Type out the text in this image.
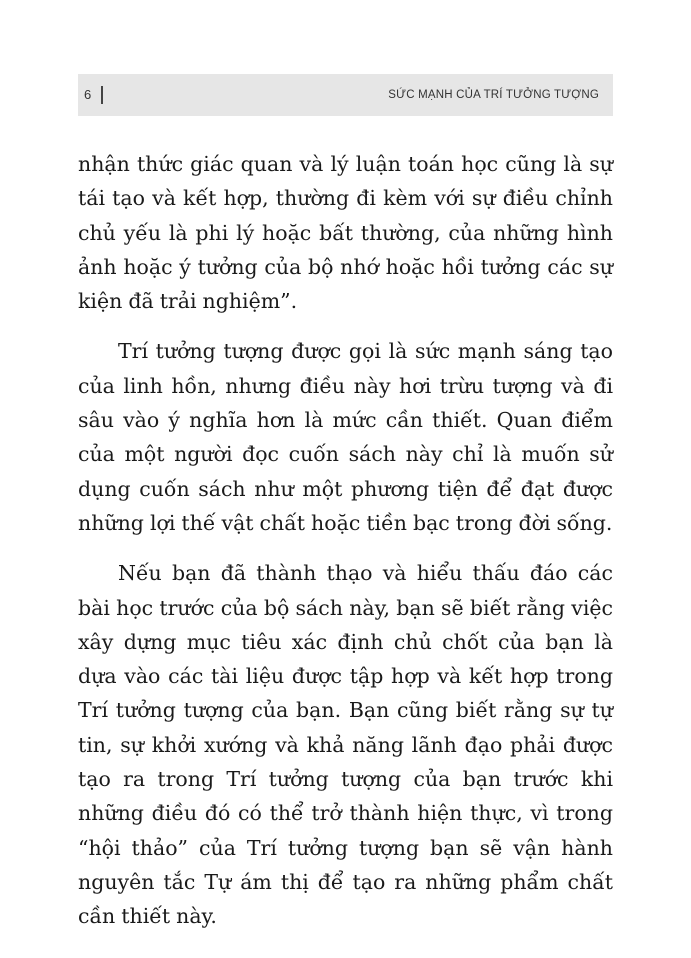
6	SỨC MẠNH CỦA TRÍ TƯỞNG TƯỢNG

nhận thức giác quan và lý luận toán học cũng là sự tái tạo và kết hợp, thường đi kèm với sự điều chỉnh chủ yếu là phi lý hoặc bất thường, của những hình ảnh hoặc ý tưởng của bộ nhớ hoặc hồi tưởng các sự kiện đã trải nghiệm”.

Trí tưởng tượng được gọi là sức mạnh sáng tạo của linh hồn, nhưng điều này hơi trừu tượng và đi sâu vào ý nghĩa hơn là mức cần thiết. Quan điểm của một người đọc cuốn sách này chỉ là muốn sử dụng cuốn sách như một phương tiện để đạt được những lợi thế vật chất hoặc tiền bạc trong đời sống.

Nếu bạn đã thành thạo và hiểu thấu đáo các bài học trước của bộ sách này, bạn sẽ biết rằng việc xây dựng mục tiêu xác định chủ chốt của bạn là dựa vào các tài liệu được tập hợp và kết hợp trong Trí tưởng tượng của bạn. Bạn cũng biết rằng sự tự tin, sự khởi xướng và khả năng lãnh đạo phải được tạo ra trong Trí tưởng tượng của bạn trước khi những điều đó có thể trở thành hiện thực, vì trong “hội thảo” của Trí tưởng tượng bạn sẽ vận hành nguyên tắc Tự ám thị để tạo ra những phẩm chất cần thiết này.
